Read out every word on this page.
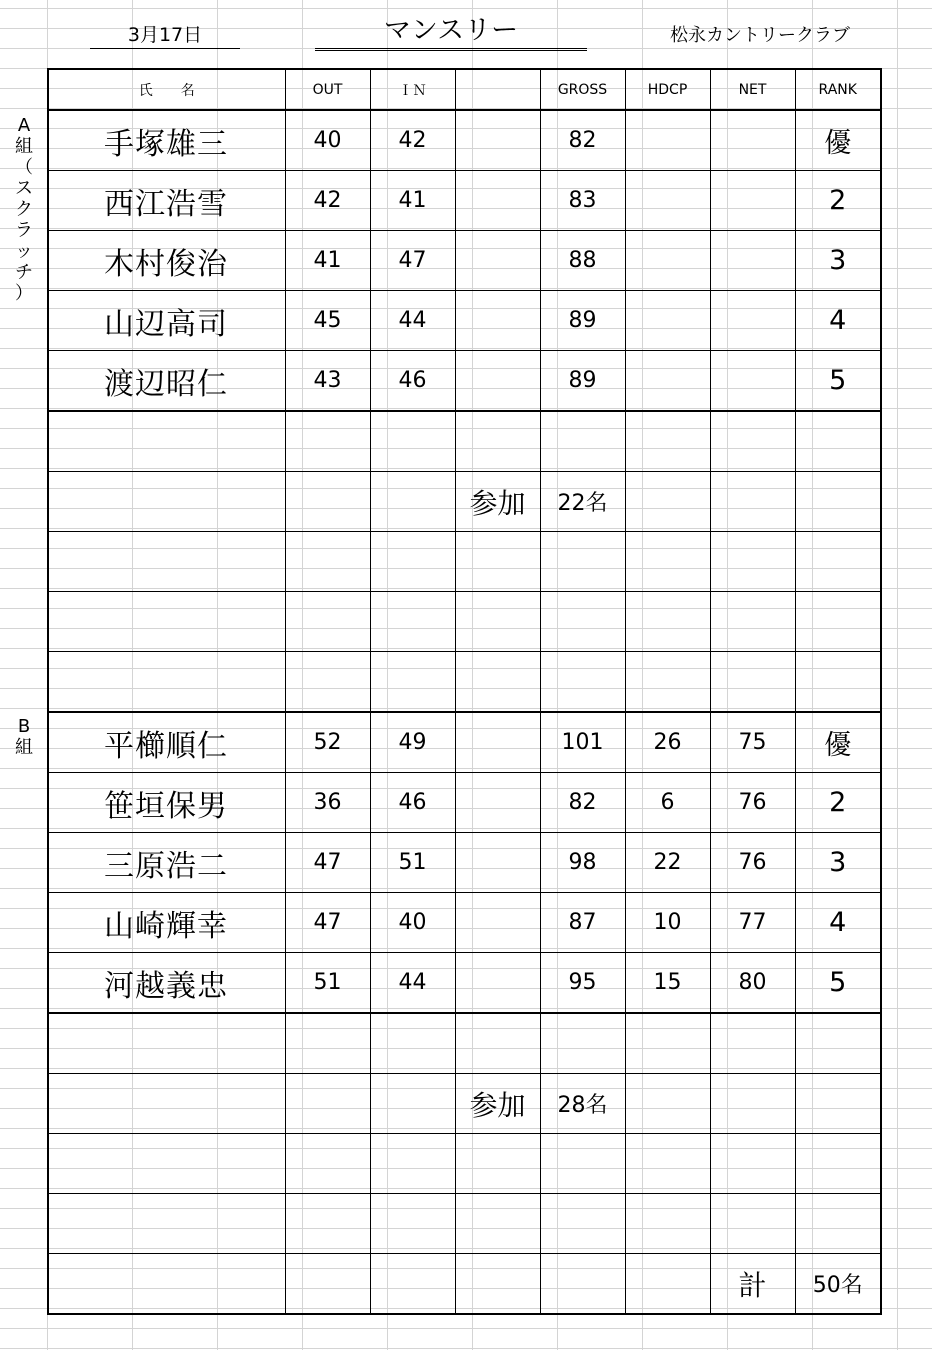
3月17日	マンスリー	松永カントリークラブ
A
組
（
ス
ク
ラ
ッ
チ
）
B
組
氏　　名	OUT	ＩＮ		GROSS	HDCP	NET	RANK
手塚雄三	40	42		82			優
西江浩雪	42	41		83			2
木村俊治	41	47		88			3
山辺高司	45	44		89			4
渡辺昭仁	43	46		89			5

			参加	22名			

平櫛順仁	52	49		101	26	75	優
笹垣保男	36	46		82	6	76	2
三原浩二	47	51		98	22	76	3
山崎輝幸	47	40		87	10	77	4
河越義忠	51	44		95	15	80	5

			参加	28名			

						計	50名
